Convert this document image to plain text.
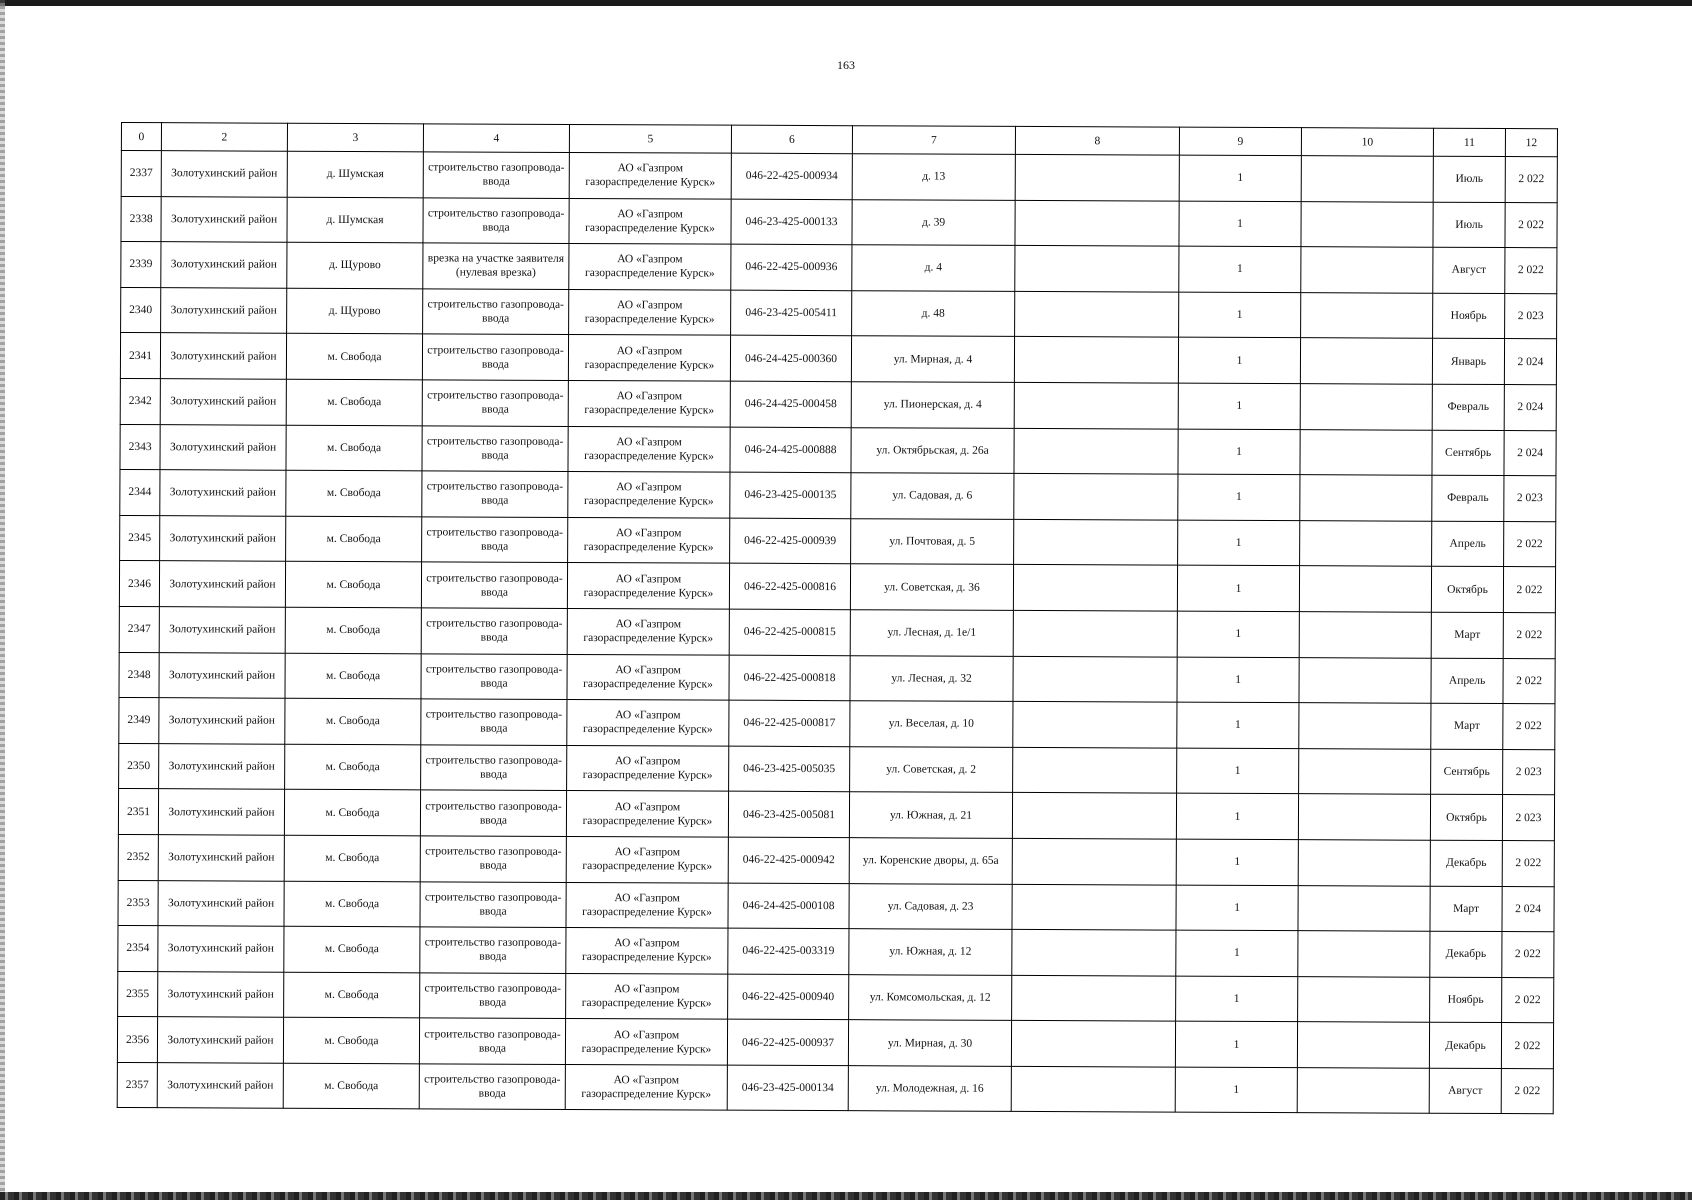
163
0	2	3	4	5	6	7	8	9	10	11	12
2337	Золотухинский район	д. Шумская	строительство газопровода-ввода	АО «Газпром газораспределение Курск»	046-22-425-000934	д. 13		1		Июль	2 022
2338	Золотухинский район	д. Шумская	строительство газопровода-ввода	АО «Газпром газораспределение Курск»	046-23-425-000133	д. 39		1		Июль	2 022
2339	Золотухинский район	д. Щурово	врезка на участке заявителя (нулевая врезка)	АО «Газпром газораспределение Курск»	046-22-425-000936	д. 4		1		Август	2 022
2340	Золотухинский район	д. Щурово	строительство газопровода-ввода	АО «Газпром газораспределение Курск»	046-23-425-005411	д. 48		1		Ноябрь	2 023
2341	Золотухинский район	м. Свобода	строительство газопровода-ввода	АО «Газпром газораспределение Курск»	046-24-425-000360	ул. Мирная, д. 4		1		Январь	2 024
2342	Золотухинский район	м. Свобода	строительство газопровода-ввода	АО «Газпром газораспределение Курск»	046-24-425-000458	ул. Пионерская, д. 4		1		Февраль	2 024
2343	Золотухинский район	м. Свобода	строительство газопровода-ввода	АО «Газпром газораспределение Курск»	046-24-425-000888	ул. Октябрьская, д. 26а		1		Сентябрь	2 024
2344	Золотухинский район	м. Свобода	строительство газопровода-ввода	АО «Газпром газораспределение Курск»	046-23-425-000135	ул. Садовая, д. 6		1		Февраль	2 023
2345	Золотухинский район	м. Свобода	строительство газопровода-ввода	АО «Газпром газораспределение Курск»	046-22-425-000939	ул. Почтовая, д. 5		1		Апрель	2 022
2346	Золотухинский район	м. Свобода	строительство газопровода-ввода	АО «Газпром газораспределение Курск»	046-22-425-000816	ул. Советская, д. 36		1		Октябрь	2 022
2347	Золотухинский район	м. Свобода	строительство газопровода-ввода	АО «Газпром газораспределение Курск»	046-22-425-000815	ул. Лесная, д. 1е/1		1		Март	2 022
2348	Золотухинский район	м. Свобода	строительство газопровода-ввода	АО «Газпром газораспределение Курск»	046-22-425-000818	ул. Лесная, д. 32		1		Апрель	2 022
2349	Золотухинский район	м. Свобода	строительство газопровода-ввода	АО «Газпром газораспределение Курск»	046-22-425-000817	ул. Веселая, д. 10		1		Март	2 022
2350	Золотухинский район	м. Свобода	строительство газопровода-ввода	АО «Газпром газораспределение Курск»	046-23-425-005035	ул. Советская, д. 2		1		Сентябрь	2 023
2351	Золотухинский район	м. Свобода	строительство газопровода-ввода	АО «Газпром газораспределение Курск»	046-23-425-005081	ул. Южная, д. 21		1		Октябрь	2 023
2352	Золотухинский район	м. Свобода	строительство газопровода-ввода	АО «Газпром газораспределение Курск»	046-22-425-000942	ул. Коренские дворы, д. 65а		1		Декабрь	2 022
2353	Золотухинский район	м. Свобода	строительство газопровода-ввода	АО «Газпром газораспределение Курск»	046-24-425-000108	ул. Садовая, д. 23		1		Март	2 024
2354	Золотухинский район	м. Свобода	строительство газопровода-ввода	АО «Газпром газораспределение Курск»	046-22-425-003319	ул. Южная, д. 12		1		Декабрь	2 022
2355	Золотухинский район	м. Свобода	строительство газопровода-ввода	АО «Газпром газораспределение Курск»	046-22-425-000940	ул. Комсомольская, д. 12		1		Ноябрь	2 022
2356	Золотухинский район	м. Свобода	строительство газопровода-ввода	АО «Газпром газораспределение Курск»	046-22-425-000937	ул. Мирная, д. 30		1		Декабрь	2 022
2357	Золотухинский район	м. Свобода	строительство газопровода-ввода	АО «Газпром газораспределение Курск»	046-23-425-000134	ул. Молодежная, д. 16		1		Август	2 022
